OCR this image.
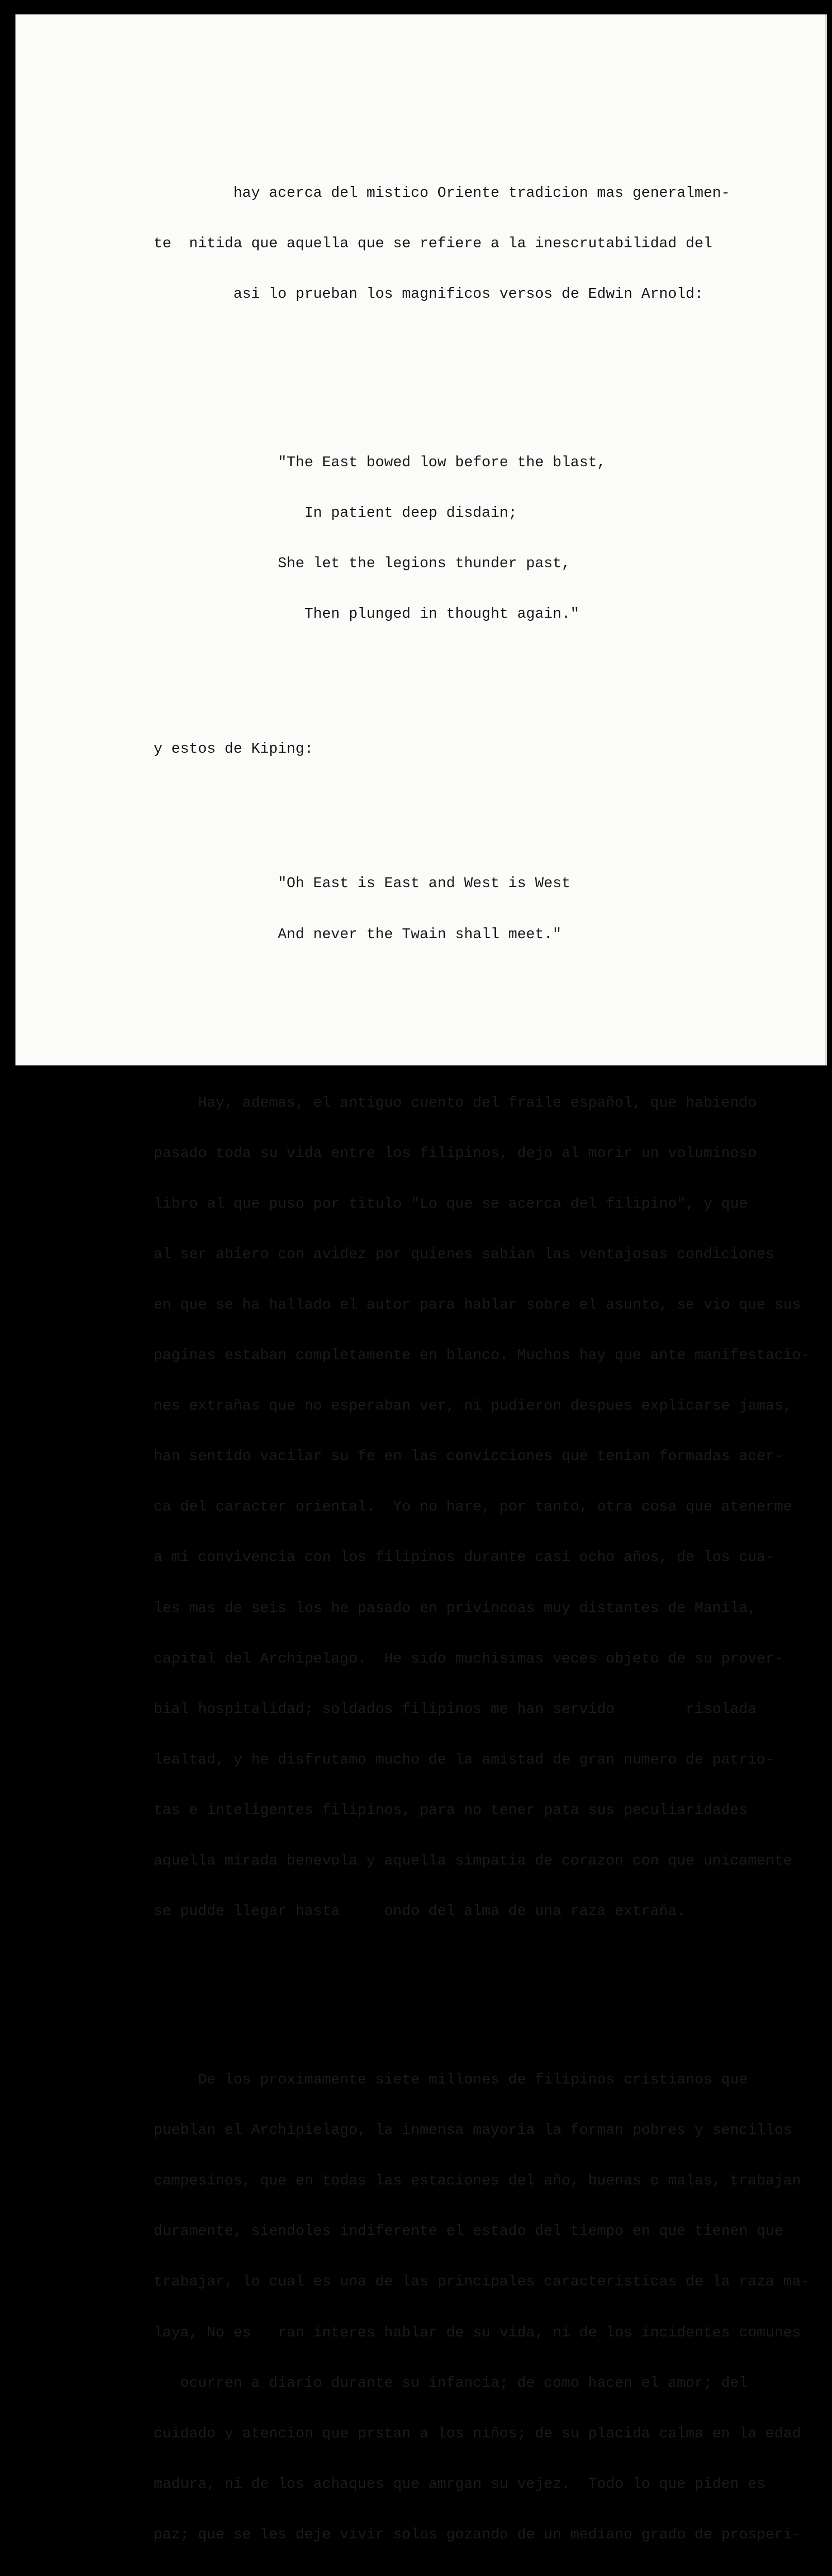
hay acerca del mistico Oriente tradicion mas generalmen-

te  nitida que aquella que se refiere a la inescrutabilidad del

asi lo prueban los magnificos versos de Edwin Arnold:

"The East bowed low before the blast,

In patient deep disdain;

She let the legions thunder past,

Then plunged in thought again."

y estos de Kiping:

"Oh East is East and West is West

And never the Twain shall meet."

Hay, ademas, el antiguo cuento del fraile español, que habiendo

pasado toda su vida entre los filipinos, dejo al morir un voluminoso

libro al que puso por titulo "Lo que se acerca del filipino", y que

al ser abiero con avidez por quienes sabian las ventajosas condiciones

en que se ha hallado el autor para hablar sobre el asunto, se vio que sus

paginas estaban completamente en blanco. Muchos hay que ante manifestacio-

nes extrañas que no esperaban ver, ni pudieron despues explicarse jamas,

han sentido vacilar su fe en las convicciones que tenian formadas acer-

ca del caracter oriental.  Yo no hare, por tanto, otra cosa que atenerme

a mi convivencia con los filipinos durante casi ocho años, de los cua-

les mas de seis los he pasado en privincoas muy distantes de Manila,

capital del Archipelago.  He sido muchisimas veces objeto de su prover-

bial hospitalidad; soldados filipinos me han servido        risolada

lealtad, y he disfrutamo mucho de la amistad de gran numero de patrio-

tas e inteligentes filipinos, para no tener pata sus peculiaridades

aquella mirada benevola y aquella simpatia de corazon con que unicamente

se pudde llegar hasta     ondo del alma de una raza extraña.

De los proximamente siete millones de filipinos cristianos que

pueblan el Archipielago, la inmensa mayoria la forman pobres y sencillos

campesinos, que en todas las estaciones del año, buenas o malas, trabajan

duramente, siendoles indiferente el estado del tiempo en que tienen que

trabajar, lo cual es una de las principales caracteristicas de la raza ma-

laya, No es   ran interes hablar de su vida, ni de los incidentes comunes

ocurren a diario durante su infancia; de como hacen el amor; del

cuidado y atencion que prstan a los niños; de su placida calma en la edad

madura, ni de los achaques que amrgan su vejez.  Todo lo que piden es

paz; que se les deje vivir solos gozando de un mediano grado de prosperi-
